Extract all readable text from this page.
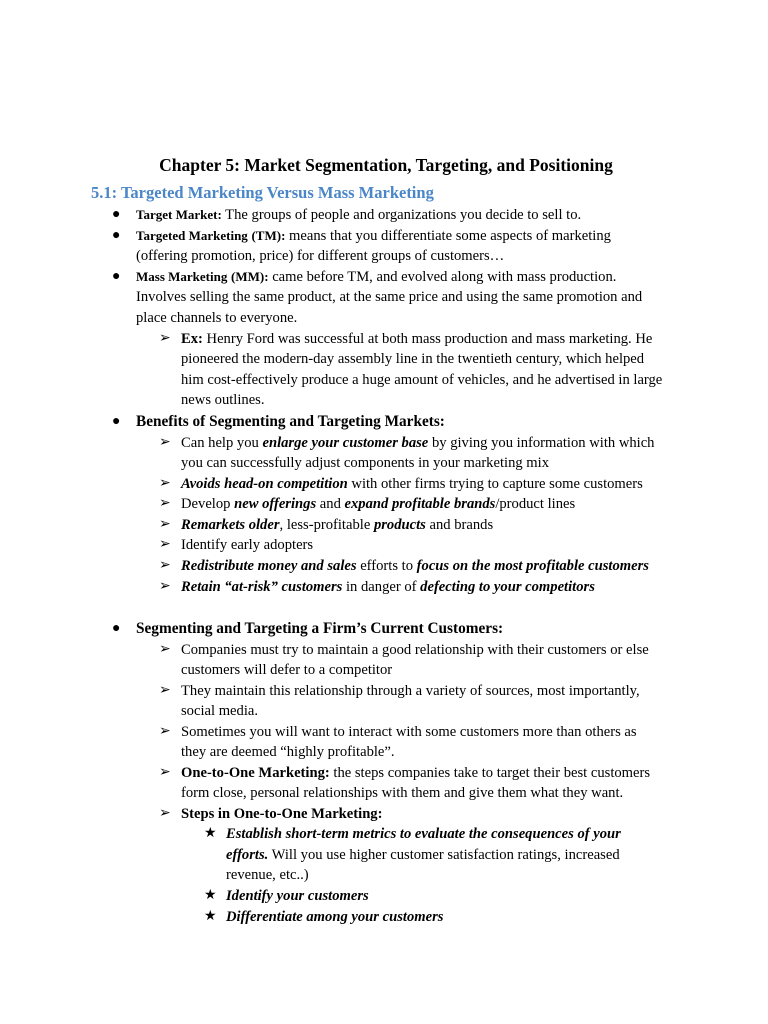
Chapter 5: Market Segmentation, Targeting, and Positioning
5.1: Targeted Marketing Versus Mass Marketing
● Target Market: The groups of people and organizations you decide to sell to.
● Targeted Marketing (TM): means that you differentiate some aspects of marketing
(offering promotion, price) for different groups of customers…
● Mass Marketing (MM): came before TM, and evolved along with mass production.
Involves selling the same product, at the same price and using the same promotion and
place channels to everyone.
➢ Ex: Henry Ford was successful at both mass production and mass marketing. He
pioneered the modern-day assembly line in the twentieth century, which helped
him cost-effectively produce a huge amount of vehicles, and he advertised in large
news outlines.
● Benefits of Segmenting and Targeting Markets:
➢ Can help you enlarge your customer base by giving you information with which
you can successfully adjust components in your marketing mix
➢ Avoids head-on competition with other firms trying to capture some customers
➢ Develop new offerings and expand profitable brands/product lines
➢ Remarkets older, less-profitable products and brands
➢ Identify early adopters
➢ Redistribute money and sales efforts to focus on the most profitable customers
➢ Retain “at-risk” customers in danger of defecting to your competitors
● Segmenting and Targeting a Firm’s Current Customers:
➢ Companies must try to maintain a good relationship with their customers or else
customers will defer to a competitor
➢ They maintain this relationship through a variety of sources, most importantly,
social media.
➢ Sometimes you will want to interact with some customers more than others as
they are deemed “highly profitable”.
➢ One-to-One Marketing: the steps companies take to target their best customers
form close, personal relationships with them and give them what they want.
➢ Steps in One-to-One Marketing:
★ Establish short-term metrics to evaluate the consequences of your
efforts. Will you use higher customer satisfaction ratings, increased
revenue, etc..)
★ Identify your customers
★ Differentiate among your customers
